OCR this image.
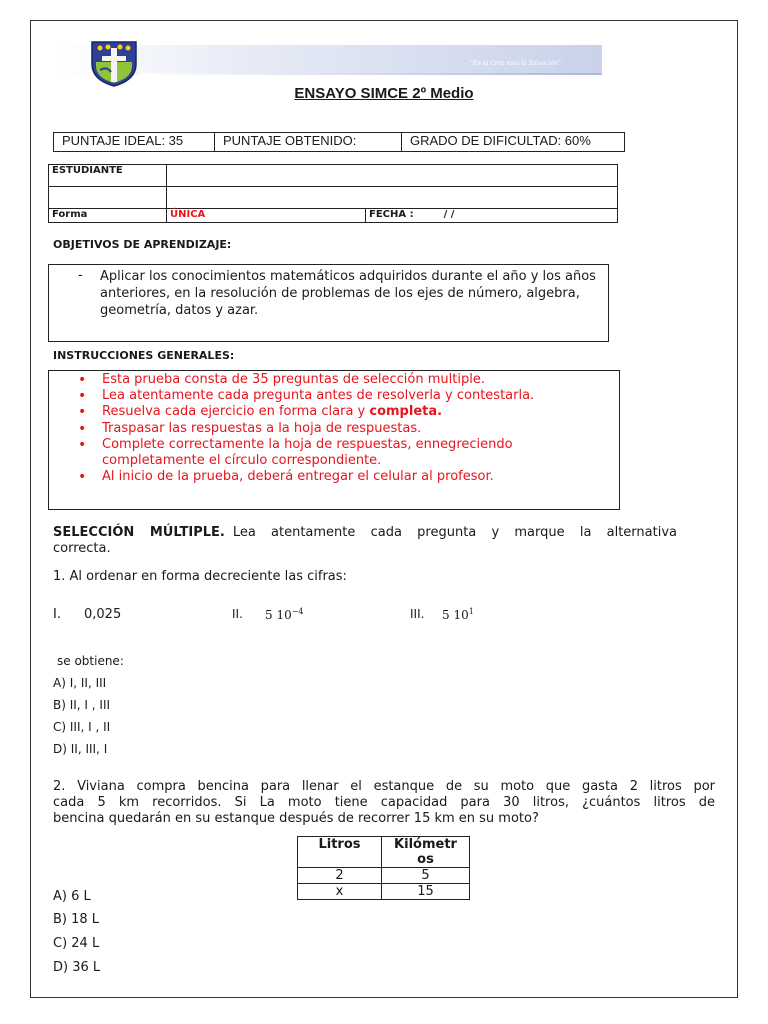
"En la Cruz está la Salvación"
ENSAYO SIMCE 2º Medio
PUNTAJE IDEAL: 35	PUNTAJE OBTENIDO:	GRADO DE DIFICULTAD: 60%
ESTUDIANTE		

Forma	ÚNICA	FECHA : / /
OBJETIVOS DE APRENDIZAJE:
- Aplicar los conocimientos matemáticos adquiridos durante el año y los años anteriores, en la resolución de problemas de los ejes de número, algebra, geometría, datos y azar.
INSTRUCCIONES GENERALES:
• Esta prueba consta de 35 preguntas de selección multiple.
• Lea atentamente cada pregunta antes de resolverla y contestarla.
• Resuelva cada ejercicio en forma clara y completa.
• Traspasar las respuestas a la hoja de respuestas.
• Complete correctamente la hoja de respuestas, ennegreciendo completamente el círculo correspondiente.
• Al inicio de la prueba, deberá entregar el celular al profesor.
SELECCIÓN MÚLTIPLE. Lea atentamente cada pregunta y marque la alternativa
correcta.
1. Al ordenar en forma decreciente las cifras:
I. 0,025	II. 5 $10^{-4}$	III. 5 $10^1$
se obtiene:
A) I, II, III
B) II, I , III
C) III, I , II
D) II, III, I
2. Viviana compra bencina para llenar el estanque de su moto que gasta 2 litros por
cada 5 km recorridos. Si La moto tiene capacidad para 30 litros, ¿cuántos litros de
bencina quedarán en su estanque después de recorrer 15 km en su moto?
Litros	Kilómetr
os
2	5
x	15
A) 6 L
B) 18 L
C) 24 L
D) 36 L
